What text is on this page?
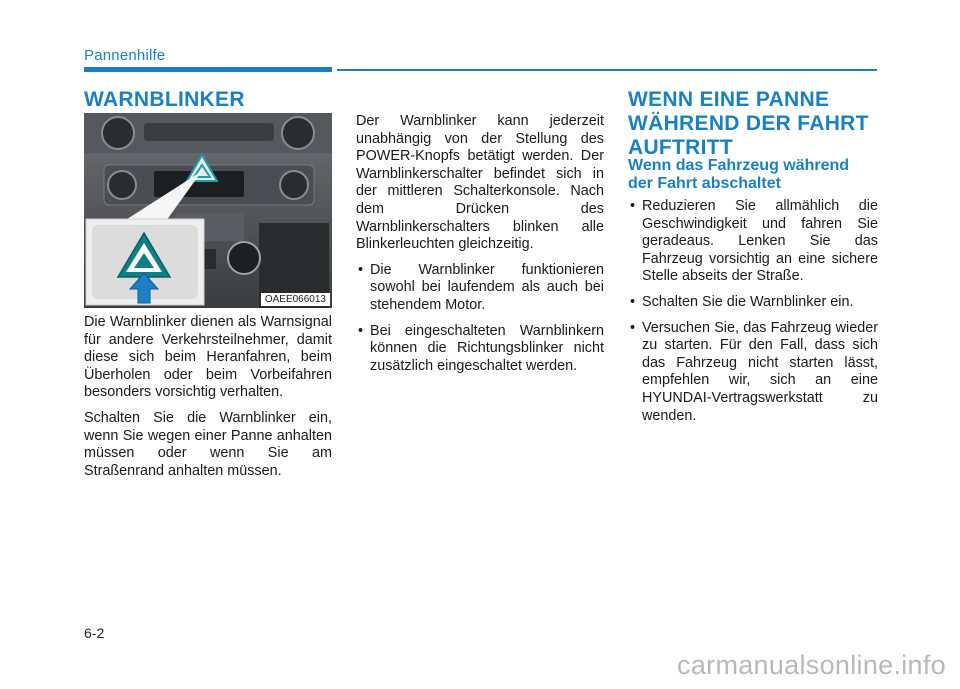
Pannenhilfe
WARNBLINKER
OAEE066013

Die Warnblinker dienen als Warnsignal für andere Verkehrsteilnehmer, damit diese sich beim Heranfahren, beim Überholen oder beim Vorbeifahren besonders vorsichtig verhalten.

Schalten Sie die Warnblinker ein, wenn Sie wegen einer Panne anhalten müssen oder wenn Sie am Straßenrand anhalten müssen.

Der Warnblinker kann jederzeit unabhängig von der Stellung des POWER-Knopfs betätigt werden. Der Warnblinkerschalter befindet sich in der mittleren Schalterkonsole. Nach dem Drücken des Warnblinkerschalters blinken alle Blinkerleuchten gleichzeitig.

• Die Warnblinker funktionieren sowohl bei laufendem als auch bei stehendem Motor.
• Bei eingeschalteten Warnblinkern können die Richtungsblinker nicht zusätzlich eingeschaltet werden.
WENN EINE PANNE
WÄHREND DER FAHRT
AUFTRITT
Wenn das Fahrzeug während
der Fahrt abschaltet
• Reduzieren Sie allmählich die Geschwindigkeit und fahren Sie geradeaus. Lenken Sie das Fahrzeug vorsichtig an eine sichere Stelle abseits der Straße.
• Schalten Sie die Warnblinker ein.
• Versuchen Sie, das Fahrzeug wieder zu starten. Für den Fall, dass sich das Fahrzeug nicht starten lässt, empfehlen wir, sich an eine HYUNDAI-Vertragswerkstatt zu wenden.
6-2
carmanualsonline.info
